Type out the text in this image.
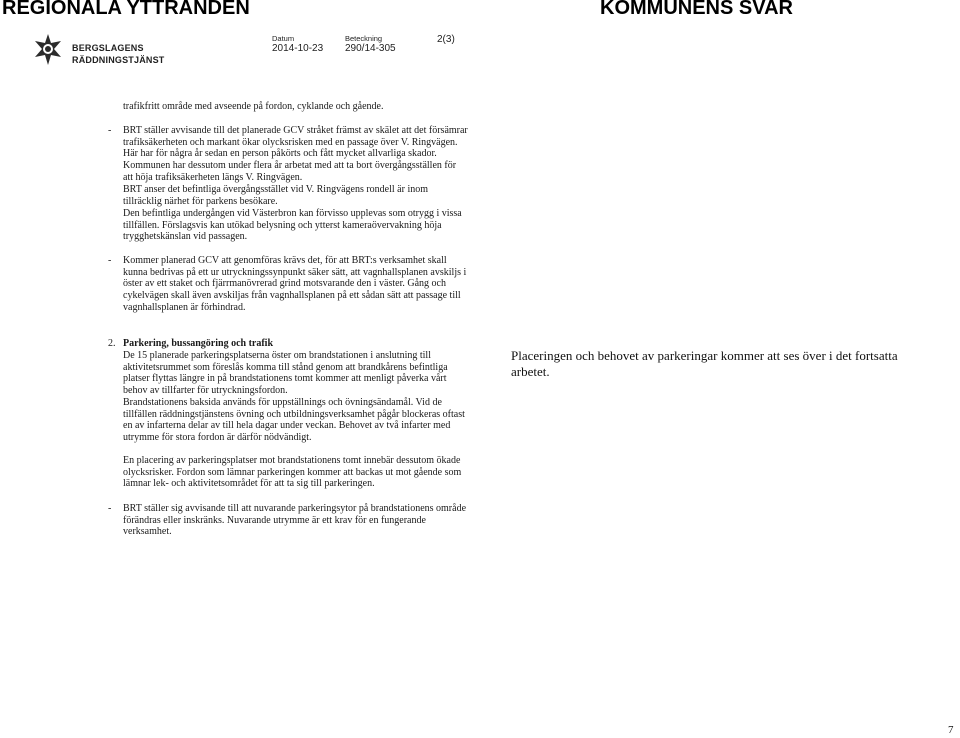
REGIONALA YTTRANDEN	KOMMUNENS SVAR
BERGSLAGENS
RÄDDNINGSTJÄNST
Datum
2014-10-23
Beteckning
290/14-305
2(3)
trafikfritt område med avseende på fordon, cyklande och gående.
- BRT ställer avvisande till det planerade GCV stråket främst av skälet att det försämrar trafiksäkerheten och markant ökar olycksrisken med en passage över V. Ringvägen. Här har för några år sedan en person påkörts och fått mycket allvarliga skador. Kommunen har dessutom under flera år arbetat med att ta bort övergångsställen för att höja trafiksäkerheten längs V. Ringvägen.
BRT anser det befintliga övergångsstället vid V. Ringvägens rondell är inom tillräcklig närhet för parkens besökare.
Den befintliga undergången vid Västerbron kan förvisso upplevas som otrygg i vissa tillfällen. Förslagsvis kan utökad belysning och ytterst kameraövervakning höja trygghetskänslan vid passagen.
- Kommer planerad GCV att genomföras krävs det, för att BRT:s verksamhet skall kunna bedrivas på ett ur utryckningssynpunkt säker sätt, att vagnhallsplanen avskiljs i öster av ett staket och fjärrmanövrerad grind motsvarande den i väster. Gång och cykelvägen skall även avskiljas från vagnhallsplanen på ett sådan sätt att passage till vagnhallsplanen är förhindrad.
2. Parkering, bussangöring och trafik
De 15 planerade parkeringsplatserna öster om brandstationen i anslutning till aktivitetsrummet som föreslås komma till stånd genom att brandkårens befintliga platser flyttas längre in på brandstationens tomt kommer att menligt påverka vårt behov av tillfarter för utryckningsfordon.
Brandstationens baksida används för uppställnings och övningsändamål. Vid de tillfällen räddningstjänstens övning och utbildningsverksamhet pågår blockeras oftast en av infarterna delar av till hela dagar under veckan. Behovet av två infarter med utrymme för stora fordon är därför nödvändigt.
En placering av parkeringsplatser mot brandstationens tomt innebär dessutom ökade olycksrisker. Fordon som lämnar parkeringen kommer att backas ut mot gående som lämnar lek- och aktivitetsområdet för att ta sig till parkeringen.
- BRT ställer sig avvisande till att nuvarande parkeringsytor på brandstationens område förändras eller inskränks. Nuvarande utrymme är ett krav för en fungerande verksamhet.
Placeringen och behovet av parkeringar kommer att ses över i det fortsatta arbetet.
7
